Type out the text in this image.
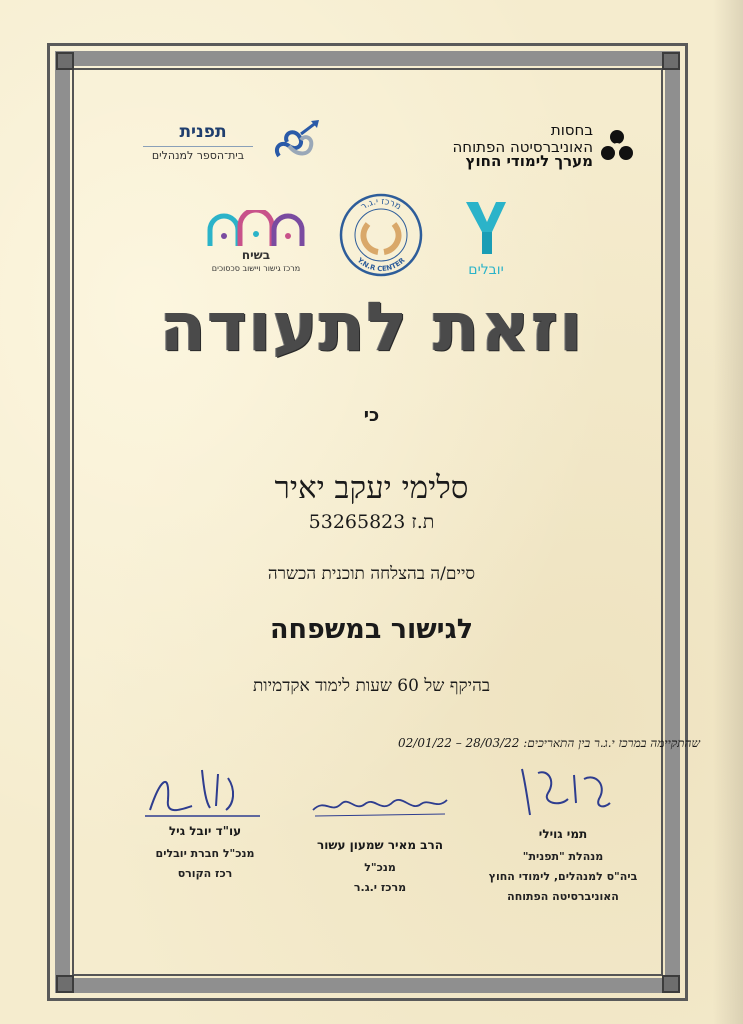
בחסות
האוניברסיטה הפתוחה
מערך לימודי החוץ
תפנית
בית־הספר למנהלים
יובלים
מרכז י.ג.ר
Y.N.R CENTER
בשיח
מרכז גישור ויישוב סכסוכים
וזאת לתעודה
כי
סלימי יעקב יאיר
ת.ז 53265823
סיים/ה בהצלחה תוכנית הכשרה
לגישור במשפחה
בהיקף של 60 שעות לימוד אקדמיות
שהתקיימה במרכז י.ג.ר בין התאריכים: 28/03/22 – 02/01/22
עו"ד יובל גיל
מנכ"ל חברת יובלים
רכז הקורס
הרב מאיר שמעון עשור
מנכ"ל
מרכז י.ג.ר
תמי גוילי
מנהלת "תפנית"
ביה"ס למנהלים, לימודי החוץ
האוניברסיטה הפתוחה
